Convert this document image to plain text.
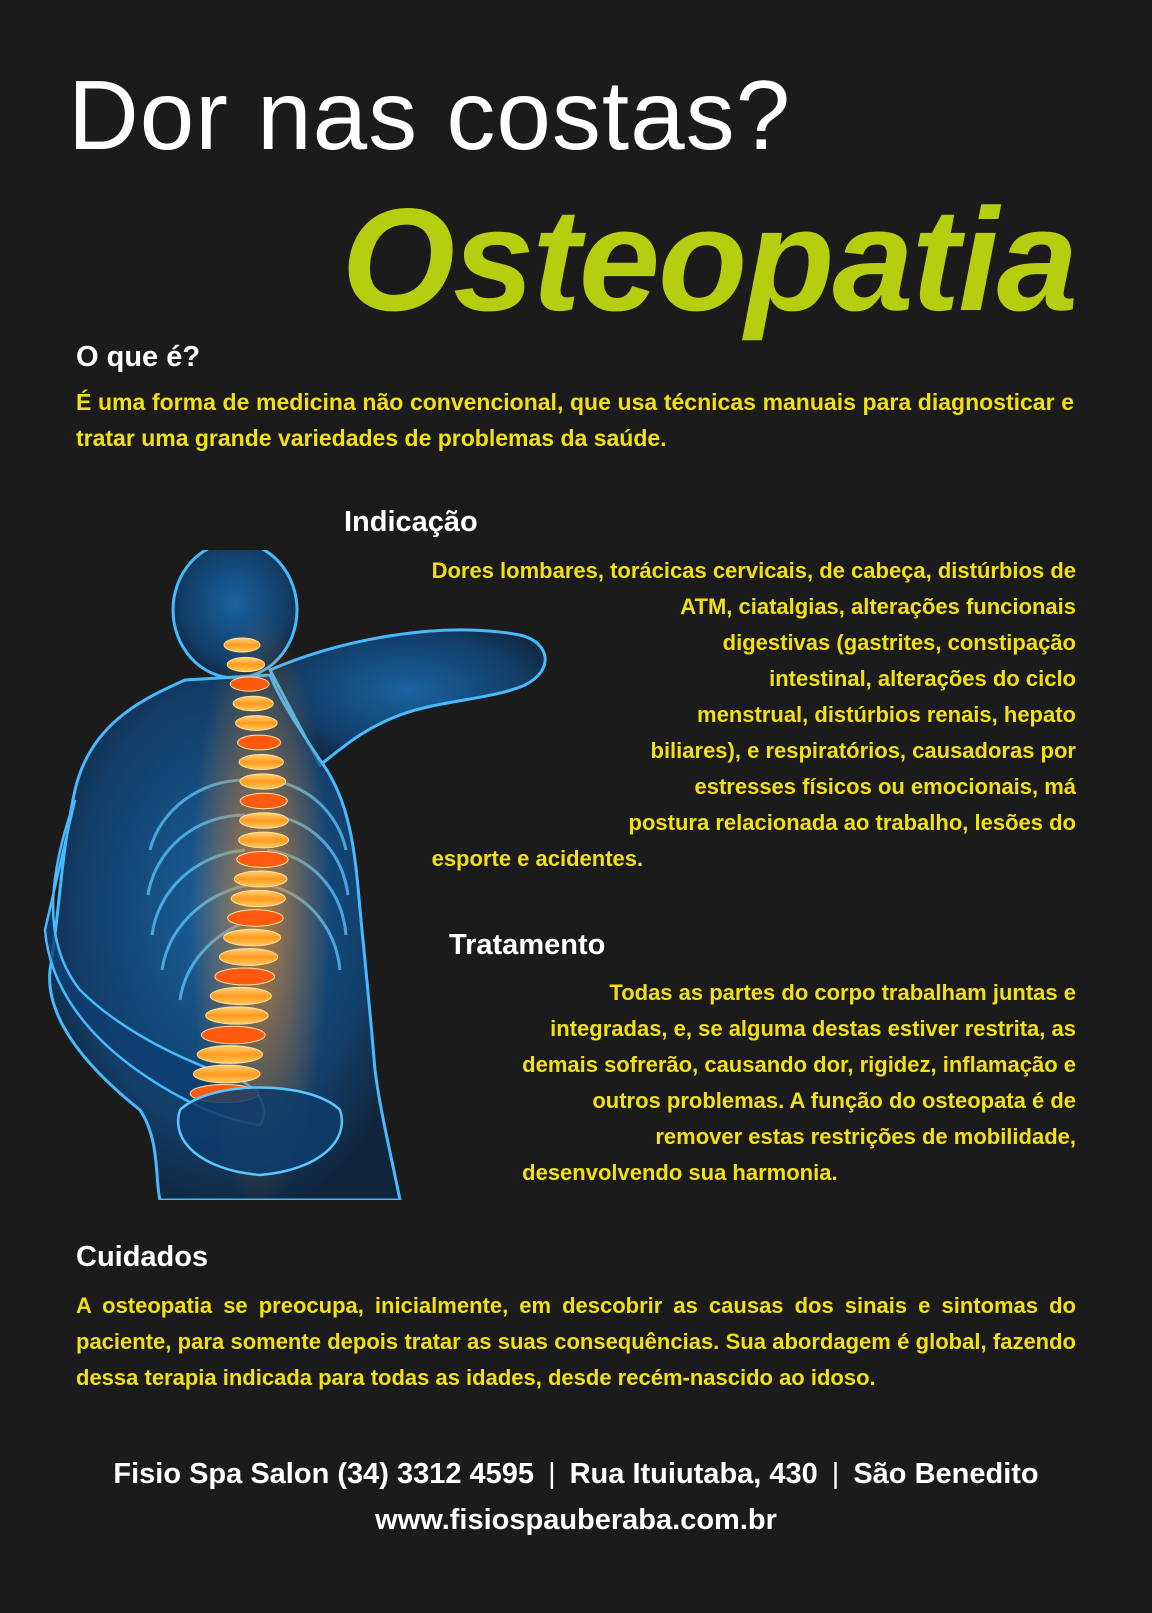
Dor nas costas?
Osteopatia
O que é?
É uma forma de medicina não convencional, que usa técnicas manuais para diagnosticar e tratar uma grande variedades de problemas da saúde.
Indicação
Dores lombares, torácicas cervicais, de cabeça, distúrbios de
ATM, ciatalgias, alterações funcionais
digestivas (gastrites, constipação
intestinal, alterações do ciclo
menstrual, distúrbios renais, hepato
biliares), e respiratórios, causadoras por
estresses físicos ou emocionais, má
postura relacionada ao trabalho, lesões do
esporte e acidentes.
Tratamento
Todas as partes do corpo trabalham juntas e
integradas, e, se alguma destas estiver restrita, as
demais sofrerão, causando dor, rigidez, inflamação e
outros problemas. A função do osteopata é de
remover estas restrições de mobilidade,
desenvolvendo sua harmonia.
Cuidados
A osteopatia se preocupa, inicialmente, em descobrir as causas dos sinais e sintomas do paciente, para somente depois tratar as suas consequências. Sua abordagem é global, fazendo dessa terapia indicada para todas as idades, desde recém-nascido ao idoso.
Fisio Spa Salon (34) 3312 4595 | Rua Ituiutaba, 430 | São Benedito
www.fisiospauberaba.com.br
